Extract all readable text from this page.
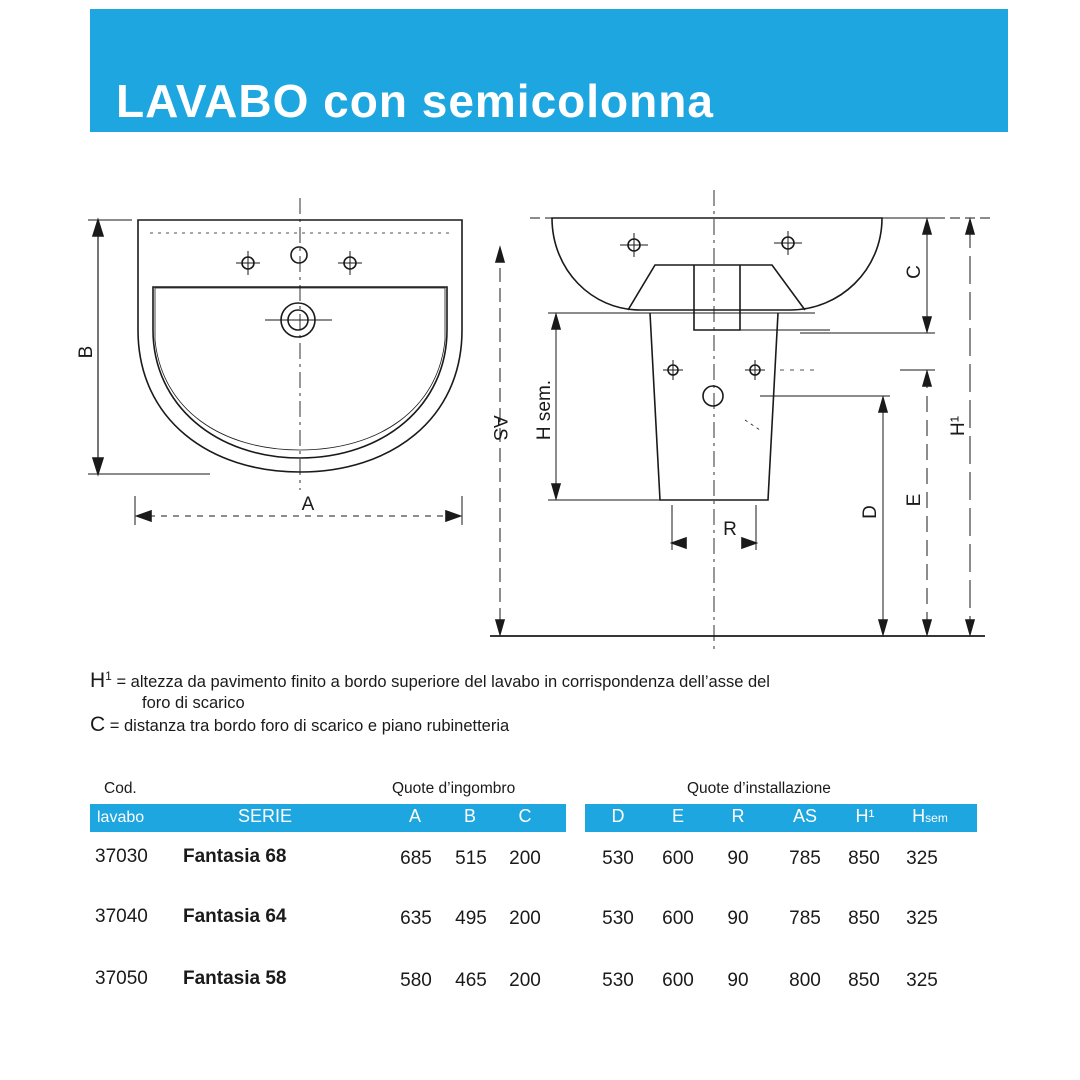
LAVABO con semicolonna
B
A
AS H sem.
R
D
C
E
H¹
$H^1$ = altezza da pavimento finito a bordo superiore del lavabo in corrispondenza dell’asse del
foro di scarico
C = distanza tra bordo foro di scarico e piano rubinetteria
Cod.	Quote d’ingombro	Quote d’installazione
lavabo	SERIE	A	B	C	D	E	R	AS	H¹	Hsem
37030 Fantasia 68	685	515	200	530	600	90	785	850	325
37040 Fantasia 64	635	495	200	530	600	90	785	850	325
37050 Fantasia 58	580	465	200	530	600	90	800	850	325
